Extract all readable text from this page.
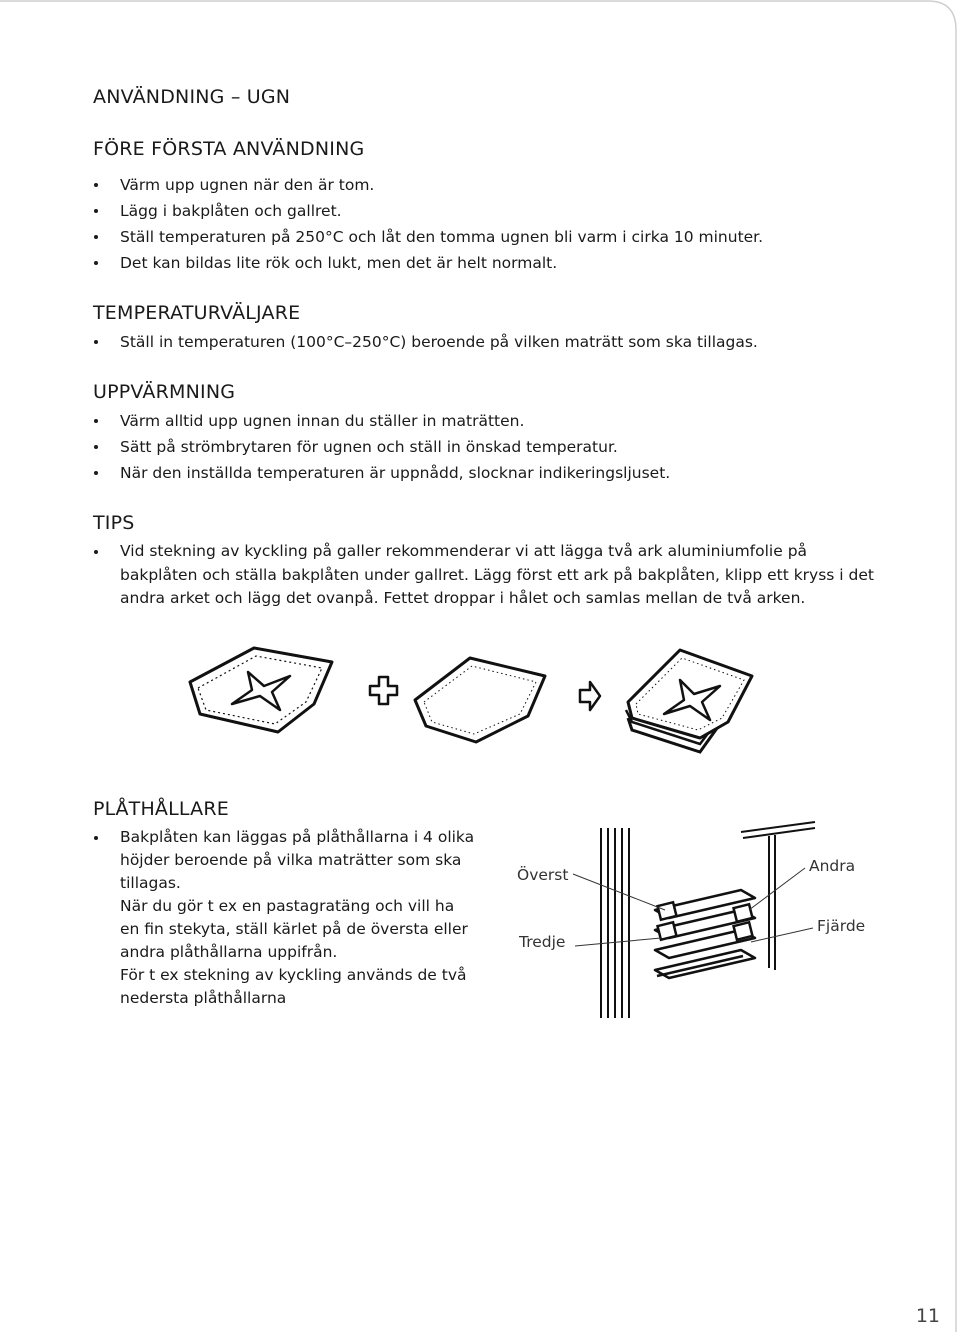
ANVÄNDNING – UGN
FÖRE FÖRSTA ANVÄNDNING
Värm upp ugnen när den är tom.
Lägg i bakplåten och gallret.
Ställ temperaturen på 250°C och låt den tomma ugnen bli varm i cirka 10 minuter.
Det kan bildas lite rök och lukt, men det är helt normalt.
TEMPERATURVÄLJARE
Ställ in temperaturen (100°C–250°C) beroende på vilken maträtt som ska tillagas.
UPPVÄRMNING
Värm alltid upp ugnen innan du ställer in maträtten.
Sätt på strömbrytaren för ugnen och ställ in önskad temperatur.
När den inställda temperaturen är uppnådd, slocknar indikeringsljuset.
TIPS
Vid stekning av kyckling på galler rekommenderar vi att lägga två ark aluminiumfolie på bakplåten och ställa bakplåten under gallret. Lägg först ett ark på bakplåten, klipp ett kryss i det andra arket och lägg det ovanpå. Fettet droppar i hålet och samlas mellan de två arken.
PLÅTHÅLLARE
Bakplåten kan läggas på plåthållarna i 4 olika
höjder beroende på vilka maträtter som ska
tillagas.
När du gör t ex en pastagratäng och vill ha
en fin stekyta, ställ kärlet på de översta eller
andra plåthållarna uppifrån.
För t ex stekning av kyckling används de två
nedersta plåthållarna
Överst
Tredje
Andra
Fjärde
11
